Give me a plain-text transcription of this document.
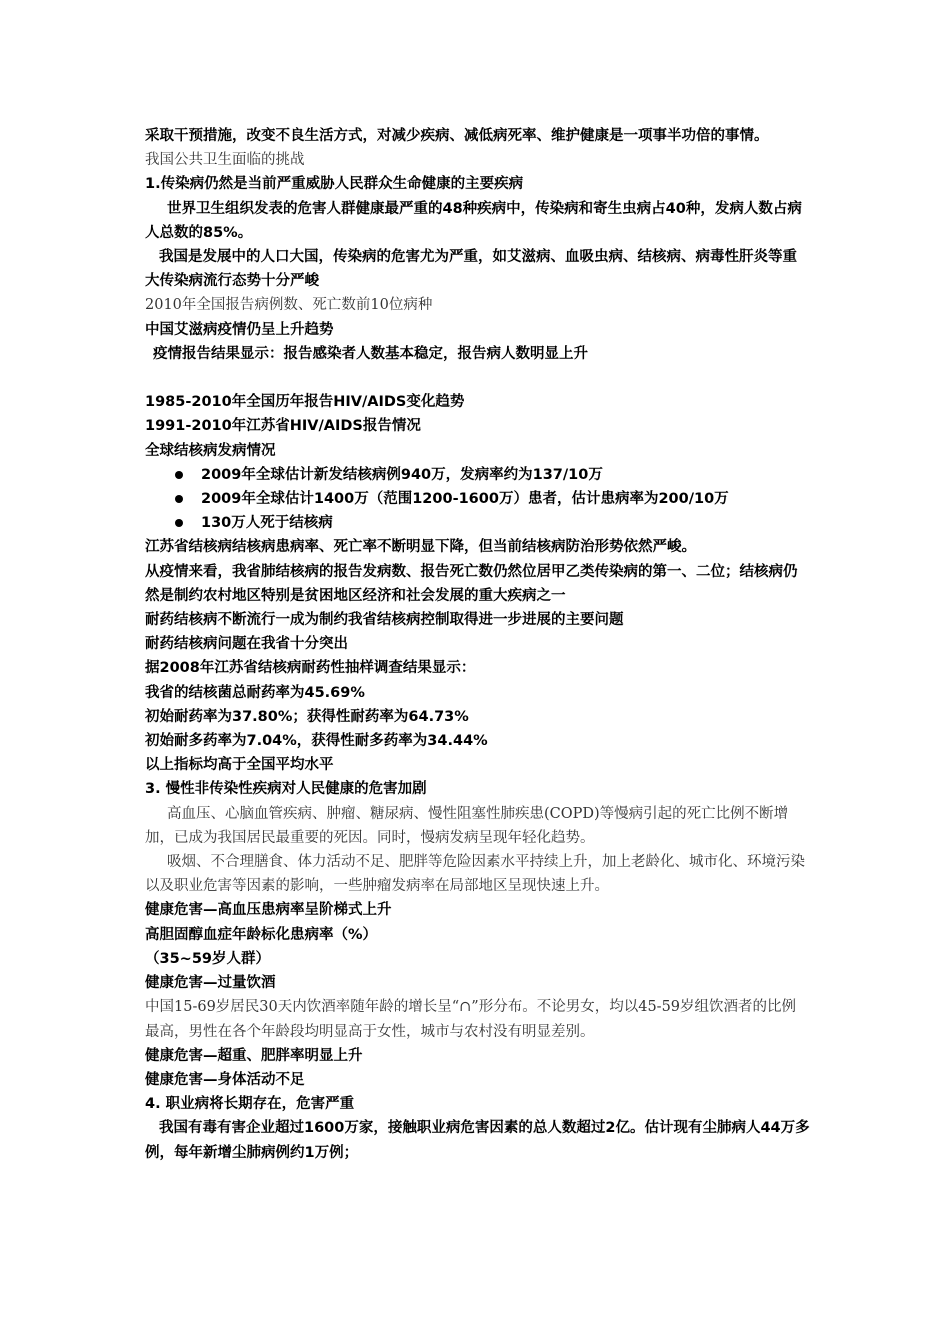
采取干预措施，改变不良生活方式，对减少疾病、减低病死率、维护健康是一项事半功倍的事情。
我国公共卫生面临的挑战
1.传染病仍然是当前严重威胁人民群众生命健康的主要疾病
世界卫生组织发表的危害人群健康最严重的48种疾病中，传染病和寄生虫病占40种，发病人数占病人总数的85%。
我国是发展中的人口大国，传染病的危害尤为严重，如艾滋病、血吸虫病、结核病、病毒性肝炎等重大传染病流行态势十分严峻
2010年全国报告病例数、死亡数前10位病种
中国艾滋病疫情仍呈上升趋势
疫情报告结果显示：报告感染者人数基本稳定，报告病人数明显上升
1985-2010年全国历年报告HIV/AIDS变化趋势
1991-2010年江苏省HIV/AIDS报告情况
全球结核病发病情况
2009年全球估计新发结核病例940万，发病率约为137/10万
2009年全球估计1400万（范围1200-1600万）患者，估计患病率为200/10万
130万人死于结核病
江苏省结核病结核病患病率、死亡率不断明显下降，但当前结核病防治形势依然严峻。
从疫情来看，我省肺结核病的报告发病数、报告死亡数仍然位居甲乙类传染病的第一、二位；结核病仍然是制约农村地区特别是贫困地区经济和社会发展的重大疾病之一
耐药结核病不断流行一成为制约我省结核病控制取得进一步进展的主要问题
耐药结核病问题在我省十分突出
据2008年江苏省结核病耐药性抽样调查结果显示：
我省的结核菌总耐药率为45.69%
初始耐药率为37.80%；获得性耐药率为64.73%
初始耐多药率为7.04%，获得性耐多药率为34.44%
以上指标均高于全国平均水平
3. 慢性非传染性疾病对人民健康的危害加剧
高血压、心脑血管疾病、肿瘤、糖尿病、慢性阻塞性肺疾患(COPD)等慢病引起的死亡比例不断增加，已成为我国居民最重要的死因。同时，慢病发病呈现年轻化趋势。
吸烟、不合理膳食、体力活动不足、肥胖等危险因素水平持续上升，加上老龄化、城市化、环境污染以及职业危害等因素的影响，一些肿瘤发病率在局部地区呈现快速上升。
健康危害—高血压患病率呈阶梯式上升
高胆固醇血症年龄标化患病率（%）
（35~59岁人群）
健康危害—过量饮酒
中国15-69岁居民30天内饮酒率随年龄的增长呈“∩”形分布。不论男女，均以45-59岁组饮酒者的比例最高，男性在各个年龄段均明显高于女性，城市与农村没有明显差别。
健康危害—超重、肥胖率明显上升
健康危害—身体活动不足
4. 职业病将长期存在，危害严重
我国有毒有害企业超过1600万家，接触职业病危害因素的总人数超过2亿。估计现有尘肺病人44万多例，每年新增尘肺病例约1万例；
